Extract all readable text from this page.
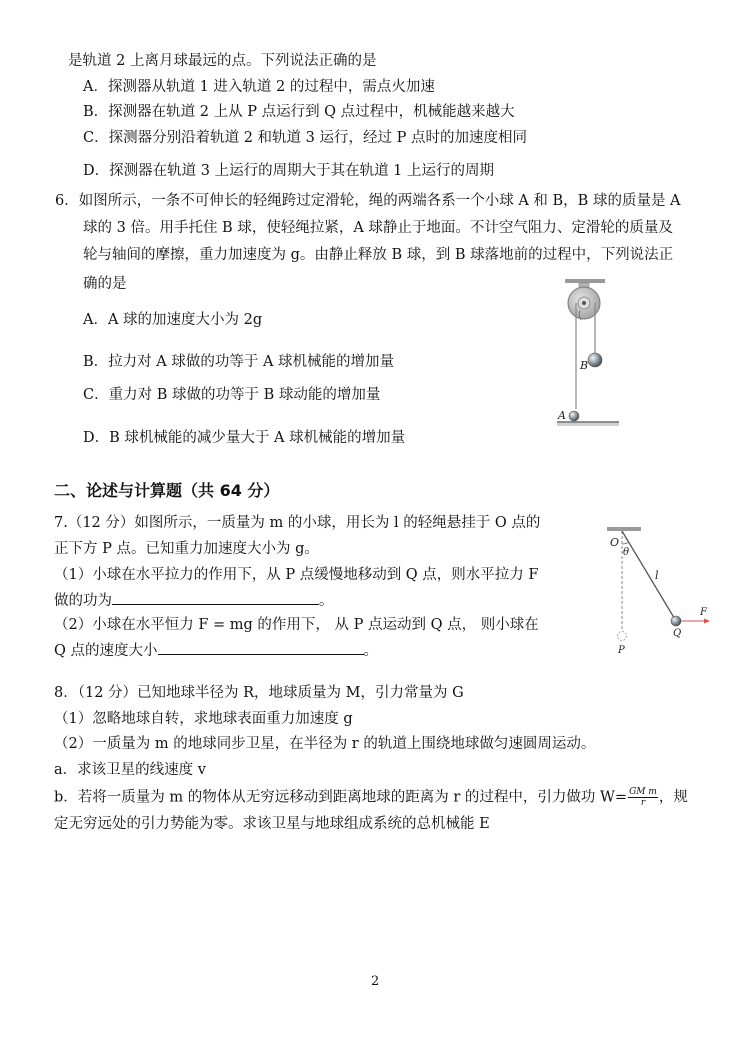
是轨道 2 上离月球最远的点。下列说法正确的是
A．探测器从轨道 1 进入轨道 2 的过程中，需点火加速
B．探测器在轨道 2 上从 P 点运行到 Q 点过程中，机械能越来越大
C．探测器分别沿着轨道 2 和轨道 3 运行，经过 P 点时的加速度相同
D．探测器在轨道 3 上运行的周期大于其在轨道 1 上运行的周期
6．如图所示，一条不可伸长的轻绳跨过定滑轮，绳的两端各系一个小球 A 和 B，B 球的质量是 A
球的 3 倍。用手托住 B 球，使轻绳拉紧，A 球静止于地面。不计空气阻力、定滑轮的质量及
轮与轴间的摩擦，重力加速度为 g。由静止释放 B 球，到 B 球落地前的过程中，下列说法正
确的是
A．A 球的加速度大小为 2g
B．拉力对 A 球做的功等于 A 球机械能的增加量
C．重力对 B 球做的功等于 B 球动能的增加量
D．B 球机械能的减少量大于 A 球机械能的增加量
B
A
二、论述与计算题（共 64 分）
7.（12 分）如图所示，一质量为 m 的小球，用长为 l 的轻绳悬挂于 O 点的
正下方 P 点。已知重力加速度大小为 g。
（1）小球在水平拉力的作用下，从 P 点缓慢地移动到 Q 点，则水平拉力 F
做的功为	。
（2）小球在水平恒力 F = mg 的作用下， 从 P 点运动到 Q 点， 则小球在
Q 点的速度大小	。
O
θ
l
F
Q
P
8．（12 分）已知地球半径为 R，地球质量为 M，引力常量为 G
（1）忽略地球自转，求地球表面重力加速度 g
（2）一质量为 m 的地球同步卫星，在半径为 r 的轨道上围绕地球做匀速圆周运动。
a．求该卫星的线速度 v
b．若将一质量为 m 的物体从无穷远移动到距离地球的距离为 r 的过程中，引力做功 $W= \frac{\text{GM m}}{r}$ ，规
定无穷远处的引力势能为零。求该卫星与地球组成系统的总机械能 E
2
